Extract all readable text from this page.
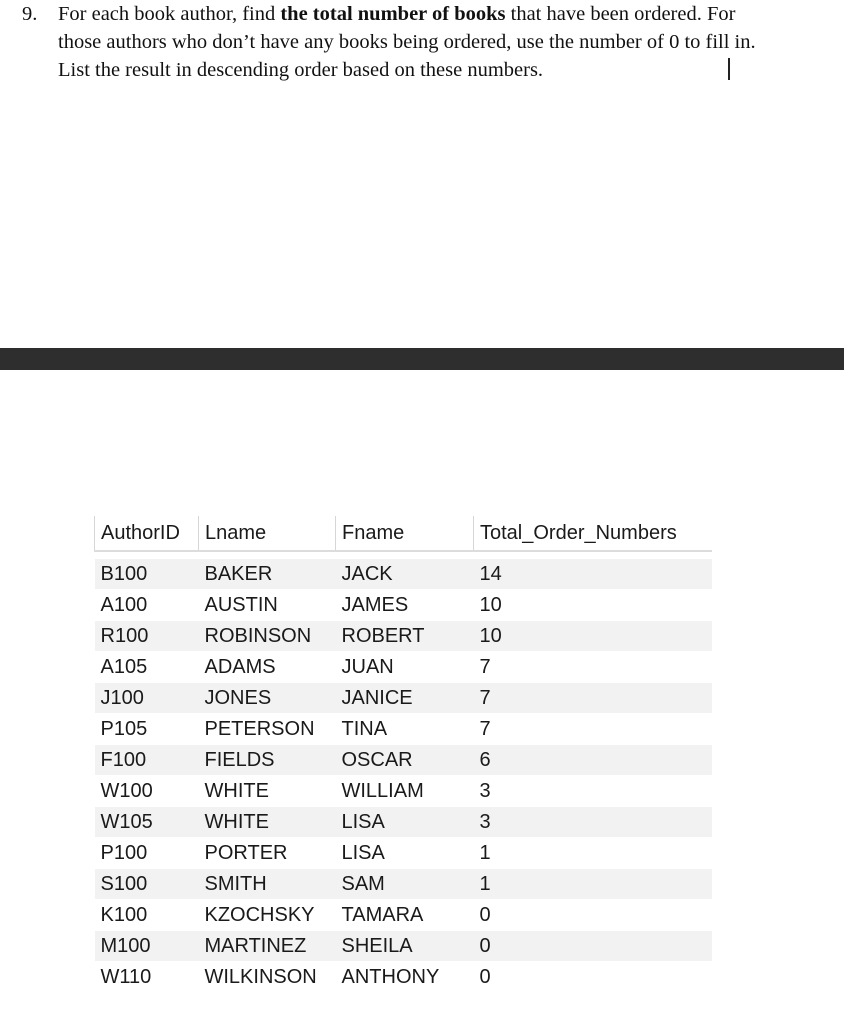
9.	For each book author, find the total number of books that have been ordered. For
those authors who don’t have any books being ordered, use the number of 0 to fill in.
List the result in descending order based on these numbers.
AuthorID	Lname	Fname	Total_Order_Numbers

B100	BAKER	JACK	14
A100	AUSTIN	JAMES	10
R100	ROBINSON	ROBERT	10
A105	ADAMS	JUAN	7
J100	JONES	JANICE	7
P105	PETERSON	TINA	7
F100	FIELDS	OSCAR	6
W100	WHITE	WILLIAM	3
W105	WHITE	LISA	3
P100	PORTER	LISA	1
S100	SMITH	SAM	1
K100	KZOCHSKY	TAMARA	0
M100	MARTINEZ	SHEILA	0
W110	WILKINSON	ANTHONY	0
